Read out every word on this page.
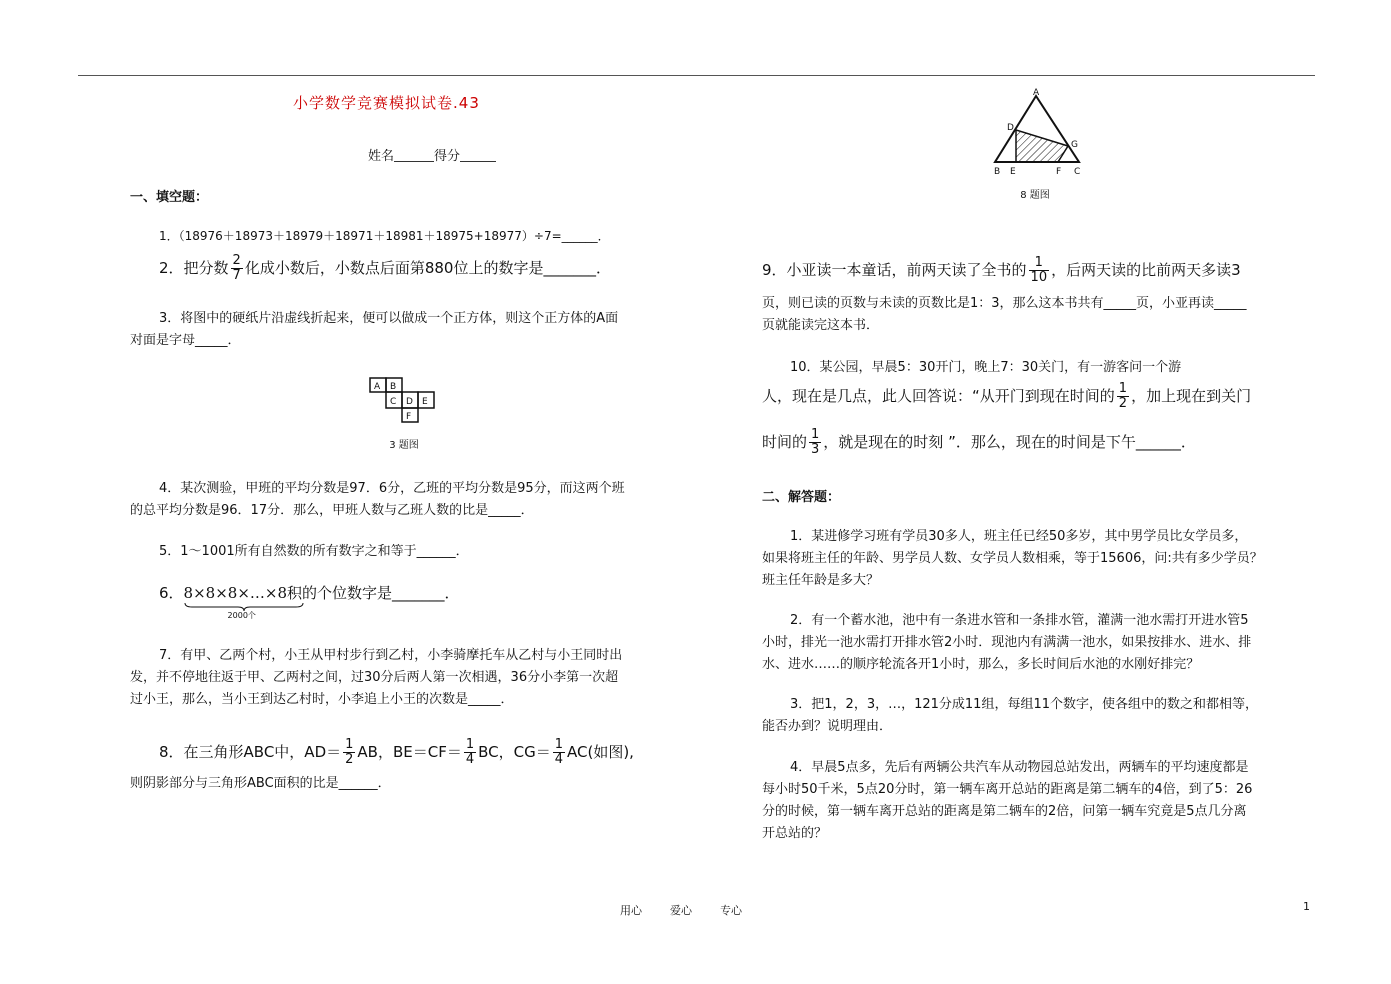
小学数学竞赛模拟试卷.43
姓名	得分
一、填空题：
1．（18976＋18973＋18979＋18971＋18981＋18975+18977）÷7=______．
2．把分数 $\frac{2}{7}$ 化成小数后，小数点后面第880位上的数字是_______．
3．将图中的硬纸片沿虚线折起来，便可以做成一个正方体，则这个正方体的A面
对面是字母_____．
A B
C D E
F
3 题图
4．某次测验，甲班的平均分数是97．6分，乙班的平均分数是95分，而这两个班
的总平均分数是96．17分．那么，甲班人数与乙班人数的比是_____．
5．1～1001所有自然数的所有数字之和等于______．
6．8×8×8×…×8
2000个
积的个位数字是_______．
7．有甲、乙两个村，小王从甲村步行到乙村，小李骑摩托车从乙村与小王同时出
发，并不停地往返于甲、乙两村之间，过30分后两人第一次相遇，36分小李第一次超
过小王，那么，当小王到达乙村时，小李追上小王的次数是_____．
8．在三角形ABC中，$AD= \frac{1}{2}$ AB，$BE=CF= \frac{1}{4}$ BC，$CG= \frac{1}{4} AC$(如图),
则阴影部分与三角形ABC面积的比是______．
A
D
G
B E	F C
8 题图
9．小亚读一本童话，前两天读了全书的 $\frac{1}{10}$ ，后两天读的比前两天多读3
页，则已读的页数与未读的页数比是1：3，那么这本书共有_____页，小亚再读_____
页就能读完这本书．
10．某公园，早晨5：30开门，晚上7：30关门，有一游客问一个游
人，现在是几点，此人回答说：“从开门到现在时间的 $\frac{1}{2}$ ，加上现在到关门
时间的 $\frac{1}{3}$ ，就是现在的时刻 ”．那么，现在的时间是下午______．
二、解答题：
1．某进修学习班有学员30多人，班主任已经50多岁，其中男学员比女学员多，
如果将班主任的年龄、男学员人数、女学员人数相乘，等于15606，问:共有多少学员？
班主任年龄是多大？
2．有一个蓄水池，池中有一条进水管和一条排水管，灌满一池水需打开进水管5
小时，排光一池水需打开排水管2小时．现池内有满满一池水，如果按排水、进水、排
水、进水……的顺序轮流各开1小时，那么，多长时间后水池的水刚好排完？
3．把1，2，3，…，121分成11组，每组11个数字，使各组中的数之和都相等，
能否办到？说明理由．
4．早晨5点多，先后有两辆公共汽车从动物园总站发出，两辆车的平均速度都是
每小时50千米，5点20分时，第一辆车离开总站的距离是第二辆车的4倍，到了5：26
分的时候，第一辆车离开总站的距离是第二辆车的2倍，问第一辆车究竟是5点几分离
开总站的？
用心	爱心	专心	1
